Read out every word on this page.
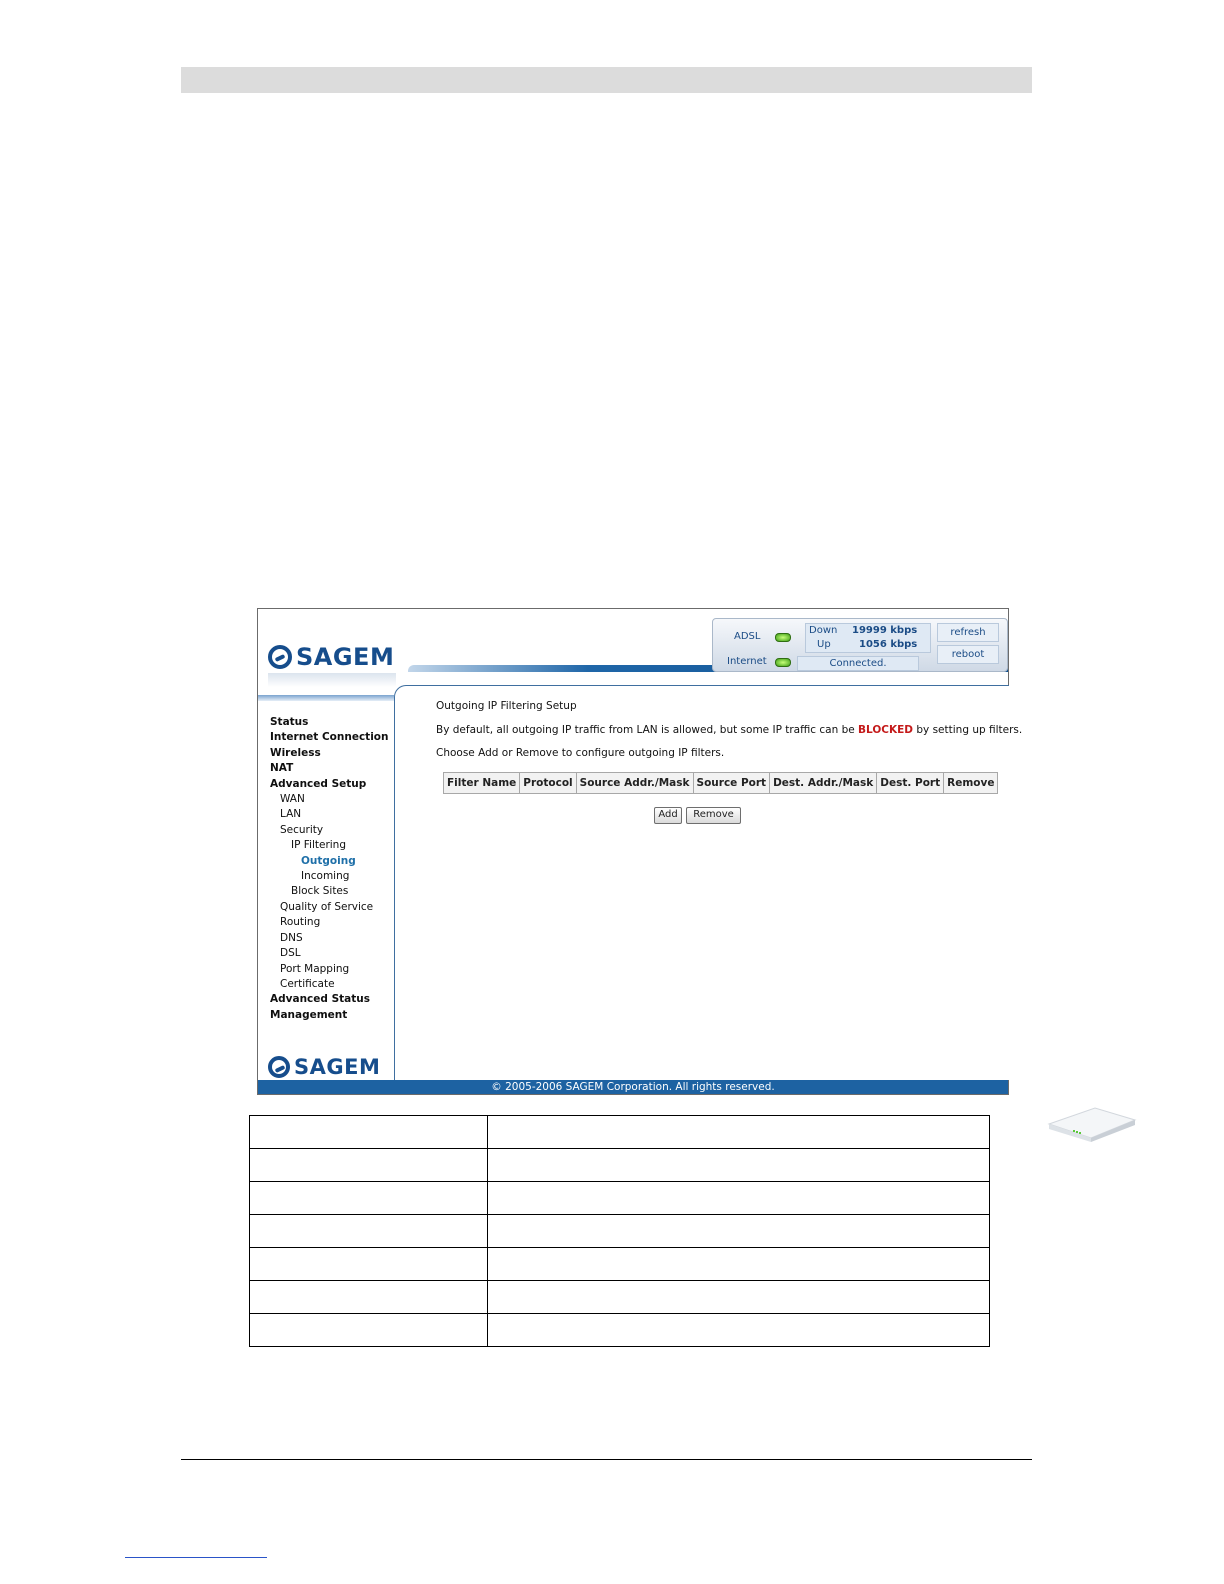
SAGEM
ADSL
Internet
Down 19999 kbps
Up	1056 kbps
Connected.
refresh
reboot
Status
Internet Connection
Wireless
NAT
Advanced Setup
WAN
LAN
Security
IP Filtering
Outgoing
Incoming
Block Sites
Quality of Service
Routing
DNS
DSL
Port Mapping
Certificate
Advanced Status
Management
SAGEM
Outgoing IP Filtering Setup
By default, all outgoing IP traffic from LAN is allowed, but some IP traffic can be BLOCKED by setting up filters.
Choose Add or Remove to configure outgoing IP filters.
Filter Name	Protocol	Source Addr./Mask	Source Port	Dest. Addr./Mask	Dest. Port	Remove
Add	Remove
© 2005-2006 SAGEM Corporation. All rights reserved.
